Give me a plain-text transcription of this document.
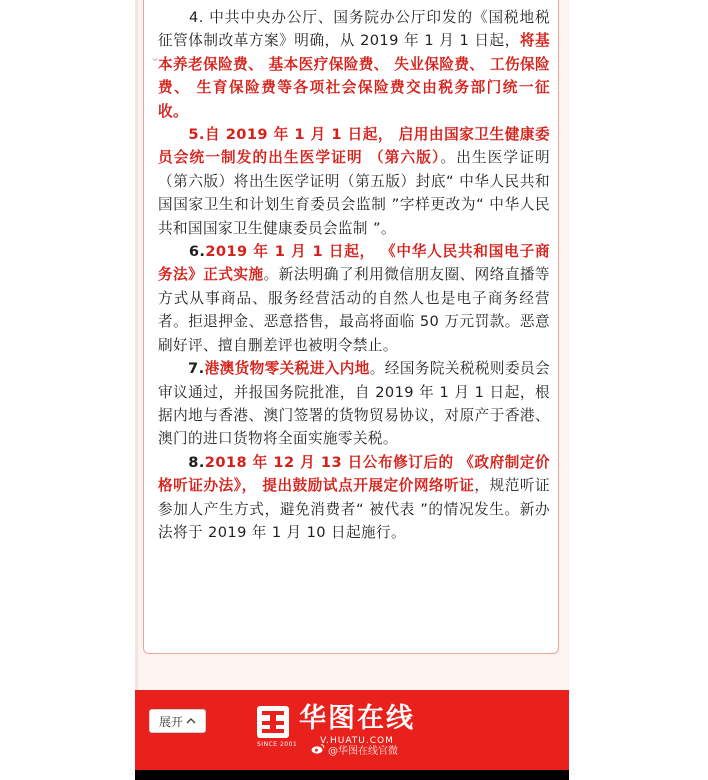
　　4. 中共中央办公厅、国务院办公厅印发的《国税地税征管体制改革方案》明确，从 2019 年 1 月 1 日起，将基本养老保险费、 基本医疗保险费、 失业保险费、 工伤保险费、 生育保险费等各项社会保险费交由税务部门统一征收。

　　5.自 2019 年 1 月 1 日起， 启用由国家卫生健康委员会统一制发的出生医学证明 （第六版）。出生医学证明（第六版）将出生医学证明（第五版）封底“ 中华人民共和国国家卫生和计划生育委员会监制 ”字样更改为“ 中华人民共和国国家卫生健康委员会监制 ”。

　　6.2019 年 1 月 1 日起， 《中华人民共和国电子商务法》正式实施。新法明确了利用微信朋友圈、网络直播等方式从事商品、服务经营活动的自然人也是电子商务经营者。拒退押金、恶意搭售，最高将面临 50 万元罚款。恶意刷好评、擅自删差评也被明令禁止。

　　7.港澳货物零关税进入内地。经国务院关税税则委员会审议通过，并报国务院批准，自 2019 年 1 月 1 日起，根据内地与香港、澳门签署的货物贸易协议，对原产于香港、澳门的进口货物将全面实施零关税。

　　8.2018 年 12 月 13 日公布修订后的 《政府制定价格听证办法》， 提出鼓励试点开展定价网络听证，规范听证参加人产生方式，避免消费者“ 被代表 ”的情况发生。新办法将于 2019 年 1 月 10 日起施行。

⌄
展开	华图在线
V.HUATU.COM
SINCE 2001
@华图在线官微
